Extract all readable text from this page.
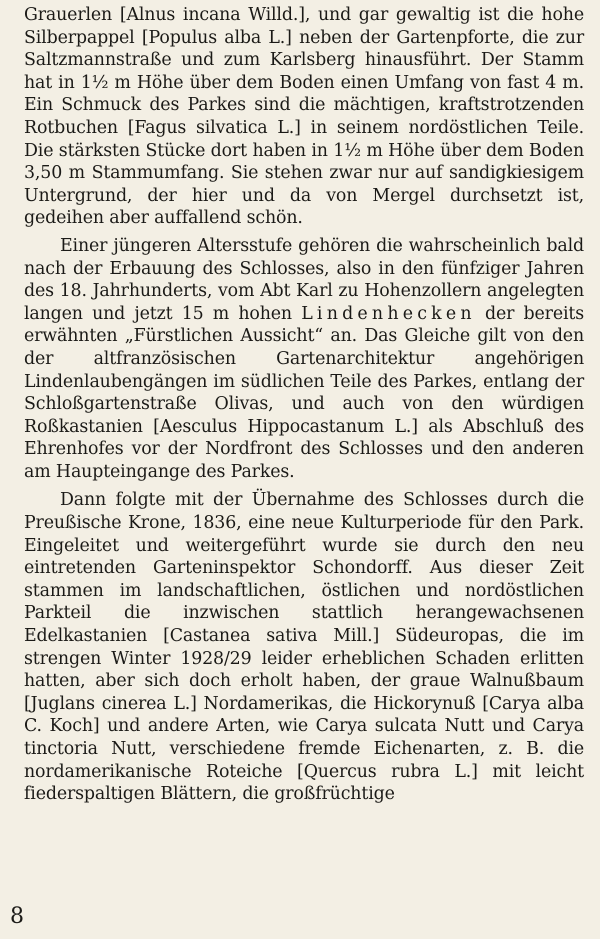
Grauerlen [Alnus incana Willd.], und gar gewaltig ist die hohe Silberpappel [Populus alba L.] neben der Gartenpforte, die zur Saltzmannstraße und zum Karlsberg hinausführt. Der Stamm hat in 1½ m Höhe über dem Boden einen Umfang von fast 4 m. Ein Schmuck des Parkes sind die mächtigen, kraftstrotzenden Rotbuchen [Fagus silvatica L.] in seinem nordöstlichen Teile. Die stärksten Stücke dort haben in 1½ m Höhe über dem Boden 3,50 m Stammumfang. Sie stehen zwar nur auf sandigkiesigem Untergrund, der hier und da von Mergel durchsetzt ist, gedeihen aber auffallend schön.

Einer jüngeren Altersstufe gehören die wahrscheinlich bald nach der Erbauung des Schlosses, also in den fünfziger Jahren des 18. Jahrhunderts, vom Abt Karl zu Hohenzollern angelegten langen und jetzt 15 m hohen Lindenhecken der bereits erwähnten „Fürstlichen Aussicht“ an. Das Gleiche gilt von den der altfranzösischen Gartenarchitektur angehörigen Lindenlaubengängen im südlichen Teile des Parkes, entlang der Schloßgartenstraße Olivas, und auch von den würdigen Roßkastanien [Aesculus Hippocastanum L.] als Abschluß des Ehrenhofes vor der Nordfront des Schlosses und den anderen am Haupteingange des Parkes.

Dann folgte mit der Übernahme des Schlosses durch die Preußische Krone, 1836, eine neue Kulturperiode für den Park. Eingeleitet und weitergeführt wurde sie durch den neu eintretenden Garteninspektor Schondorff. Aus dieser Zeit stammen im landschaftlichen, östlichen und nordöstlichen Parkteil die inzwischen stattlich herangewachsenen Edelkastanien [Castanea sativa Mill.] Südeuropas, die im strengen Winter 1928/29 leider erheblichen Schaden erlitten hatten, aber sich doch erholt haben, der graue Walnußbaum [Juglans cinerea L.] Nordamerikas, die Hickorynuß [Carya alba C. Koch] und andere Arten, wie Carya sulcata Nutt und Carya tinctoria Nutt, verschiedene fremde Eichenarten, z. B. die nordamerikanische Roteiche [Quercus rubra L.] mit leicht fiederspaltigen Blättern, die großfrüchtige

8
